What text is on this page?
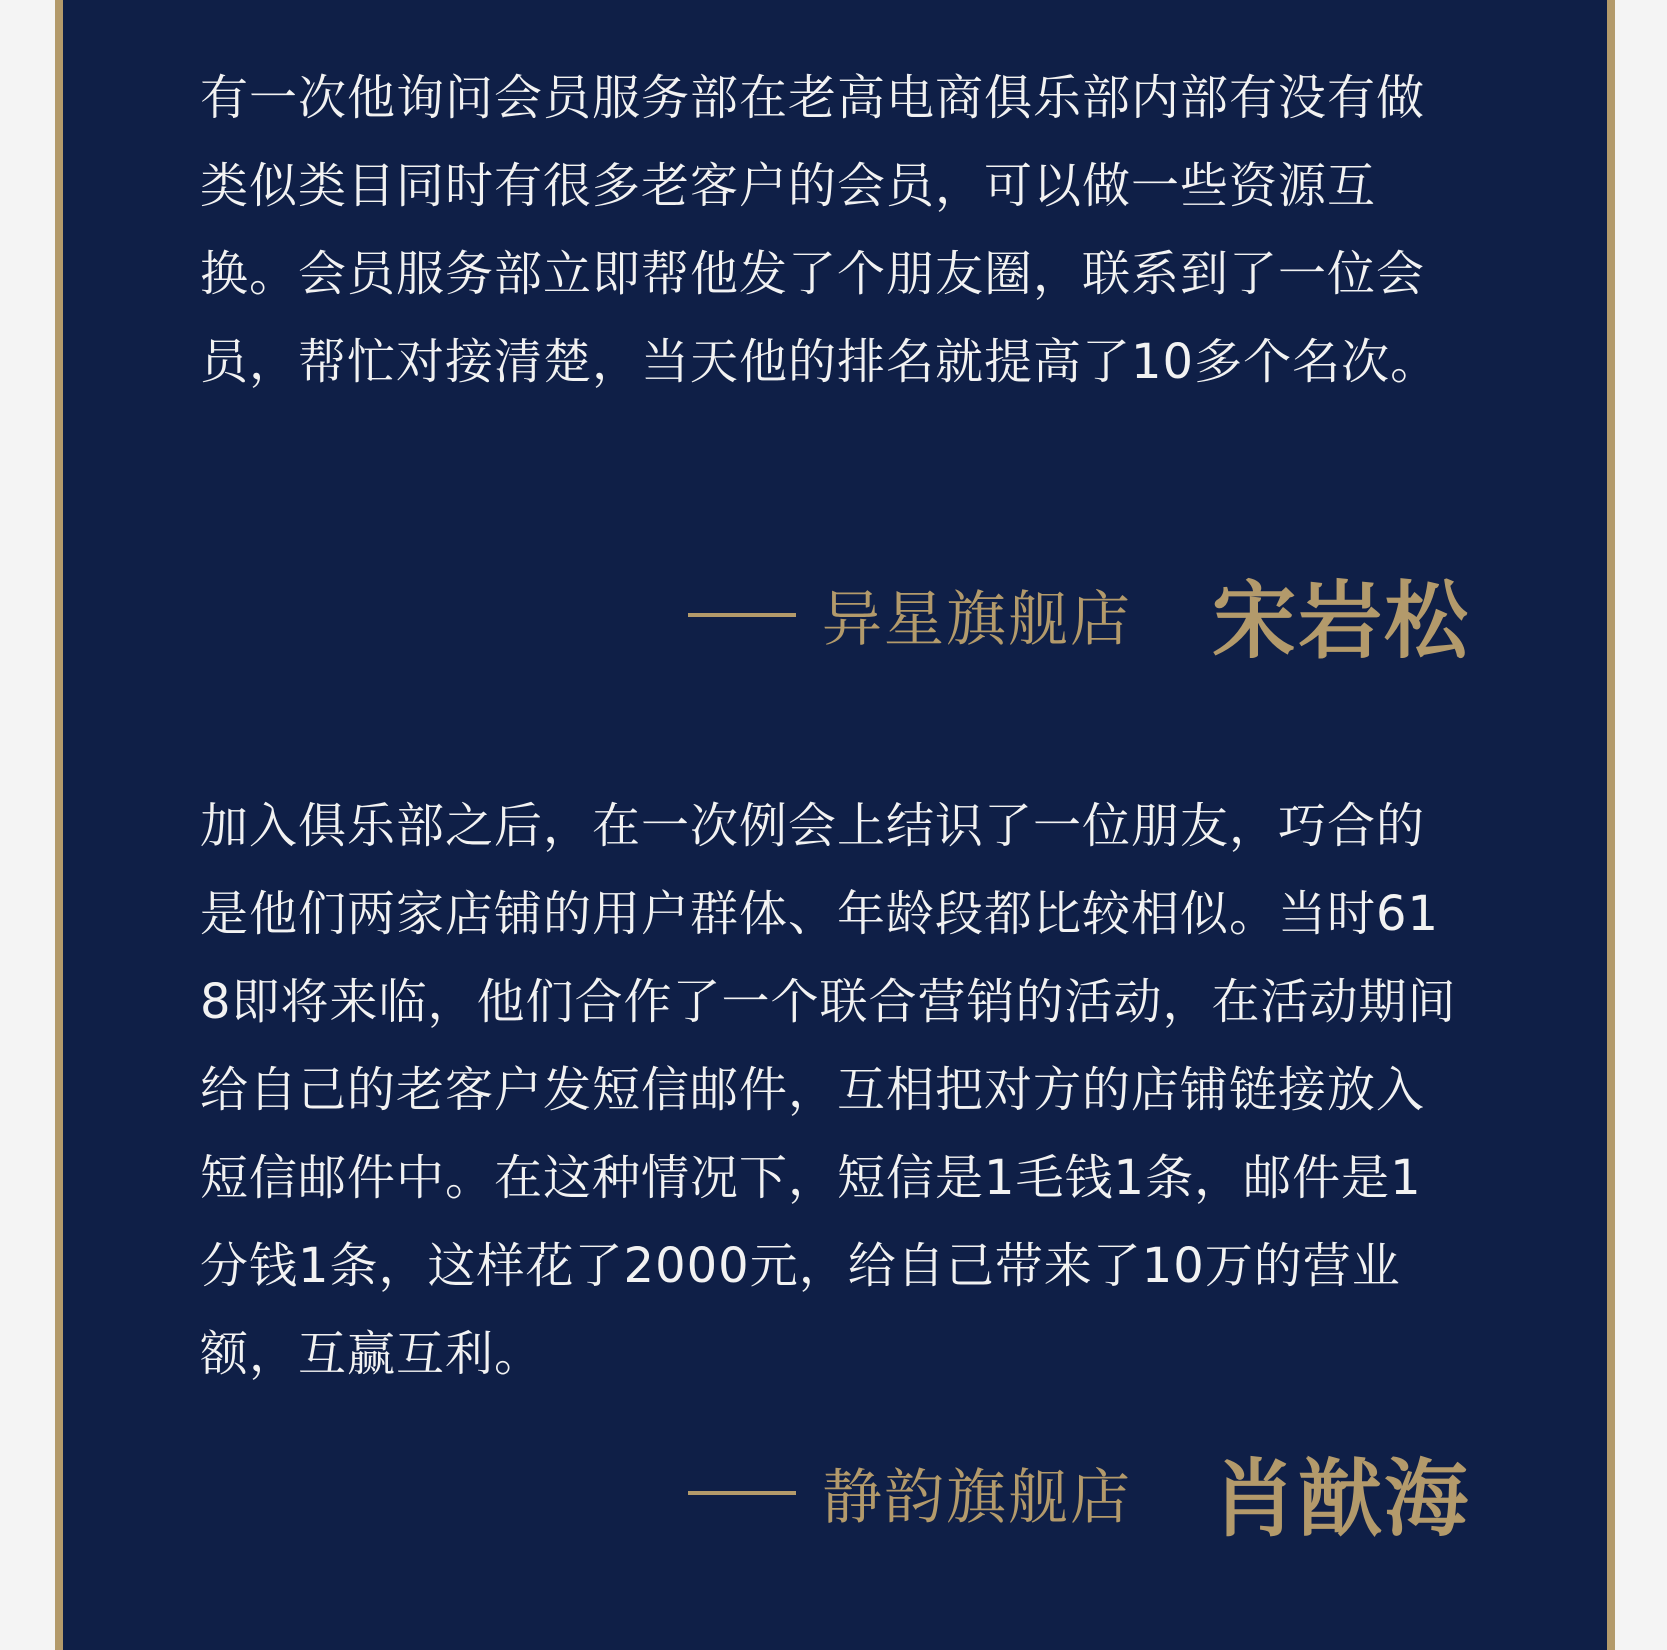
有一次他询问会员服务部在老高电商俱乐部内部有没有做类似类目同时有很多老客户的会员，可以做一些资源互换。会员服务部立即帮他发了个朋友圈，联系到了一位会员，帮忙对接清楚，当天他的排名就提高了10多个名次。

异星旗舰店 宋岩松

加入俱乐部之后，在一次例会上结识了一位朋友，巧合的是他们两家店铺的用户群体、年龄段都比较相似。当时618即将来临，他们合作了一个联合营销的活动，在活动期间给自己的老客户发短信邮件，互相把对方的店铺链接放入短信邮件中。在这种情况下，短信是1毛钱1条，邮件是1分钱1条，这样花了2000元，给自己带来了10万的营业额，互赢互利。

静韵旗舰店 肖猷海
